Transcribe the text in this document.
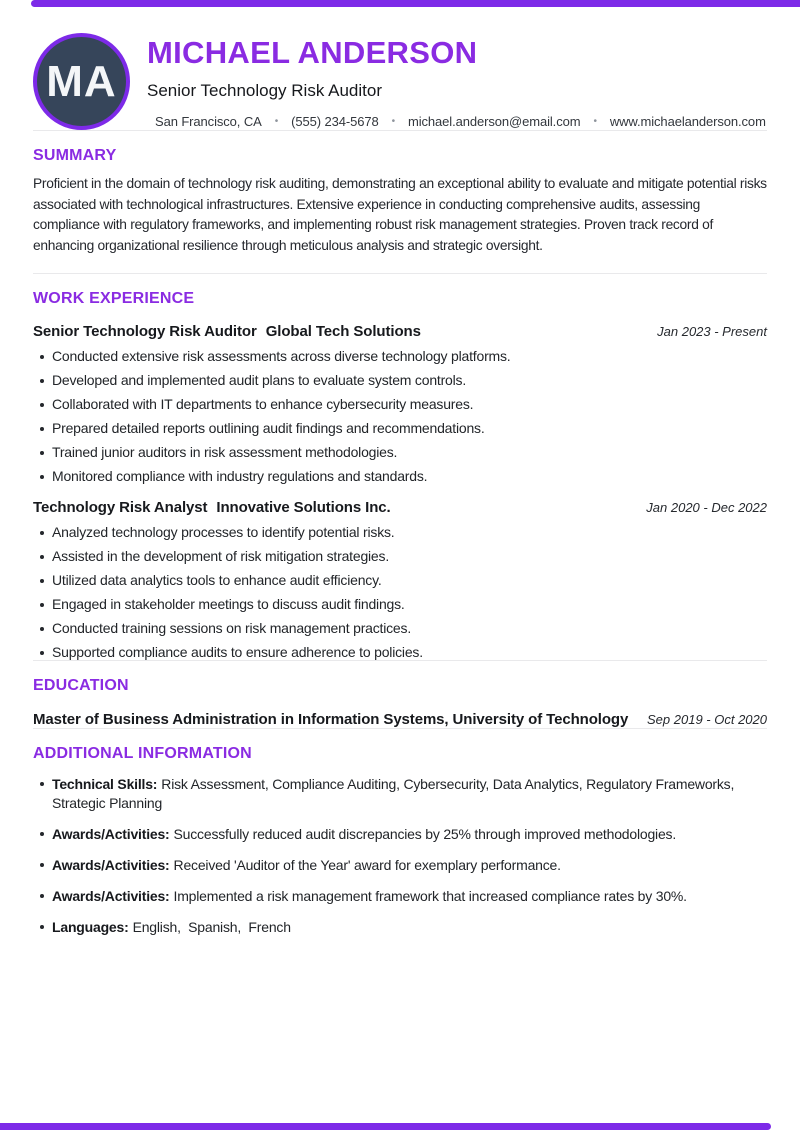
MA
MICHAEL ANDERSON
Senior Technology Risk Auditor
San Francisco, CA • (555) 234-5678 • michael.anderson@email.com • www.michaelanderson.com
SUMMARY

Proficient in the domain of technology risk auditing, demonstrating an exceptional ability to evaluate and mitigate potential risks associated with technological infrastructures. Extensive experience in conducting comprehensive audits, assessing compliance with regulatory frameworks, and implementing robust risk management strategies. Proven track record of enhancing organizational resilience through meticulous analysis and strategic oversight.

WORK EXPERIENCE
Senior Technology Risk Auditor Global Tech Solutions	Jan 2023 - Present
Conducted extensive risk assessments across diverse technology platforms.
Developed and implemented audit plans to evaluate system controls.
Collaborated with IT departments to enhance cybersecurity measures.
Prepared detailed reports outlining audit findings and recommendations.
Trained junior auditors in risk assessment methodologies.
Monitored compliance with industry regulations and standards.
Technology Risk Analyst Innovative Solutions Inc.	Jan 2020 - Dec 2022
Analyzed technology processes to identify potential risks.
Assisted in the development of risk mitigation strategies.
Utilized data analytics tools to enhance audit efficiency.
Engaged in stakeholder meetings to discuss audit findings.
Conducted training sessions on risk management practices.
Supported compliance audits to ensure adherence to policies.
EDUCATION
Master of Business Administration in Information Systems, University of Technology	Sep 2019 - Oct 2020
ADDITIONAL INFORMATION
Technical Skills: Risk Assessment, Compliance Auditing, Cybersecurity, Data Analytics, Regulatory Frameworks, Strategic Planning
Awards/Activities: Successfully reduced audit discrepancies by 25% through improved methodologies.
Awards/Activities: Received 'Auditor of the Year' award for exemplary performance.
Awards/Activities: Implemented a risk management framework that increased compliance rates by 30%.
Languages: English,  Spanish,  French
